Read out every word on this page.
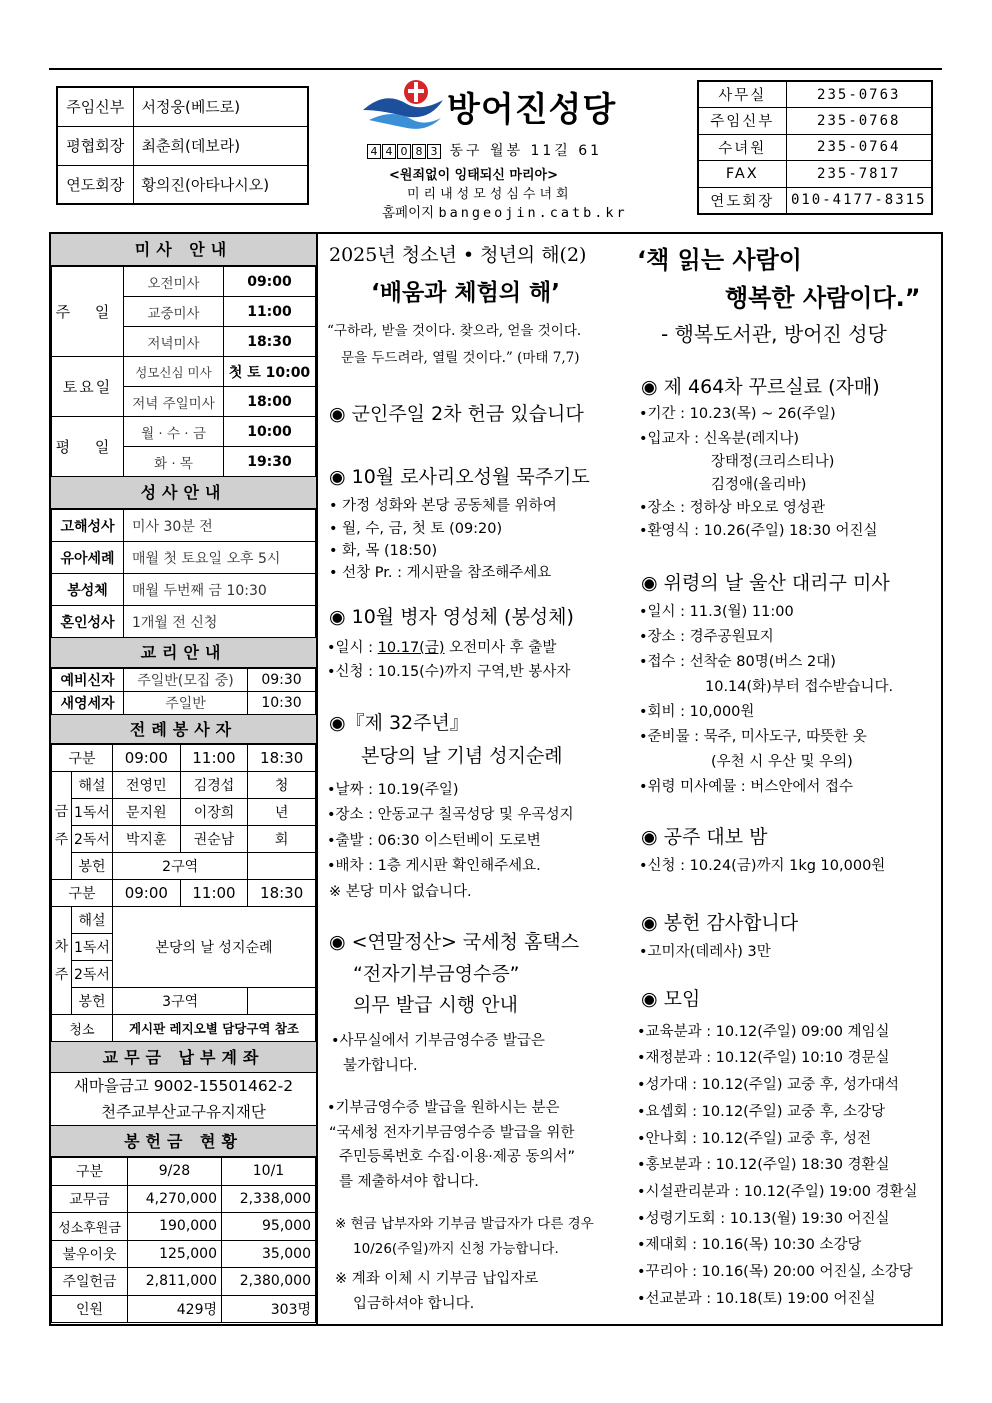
주임신부	서정웅(베드로)
평협회장	최춘희(데보라)
연도회장	황의진(아타나시오)
방어진성당
4 4 0 8 3 동구 월봉 11길 61
<원죄없이 잉태되신 마리아>
미리내성모성심수녀회
홈페이지 bangeojin.catb.kr
사무실	235-0763
주임신부	235-0768
수녀원	235-0764
FAX	235-7817
연도회장	010-4177-8315
미사 안내
주 일	오전미사	09:00
	교중미사	11:00
	저녁미사	18:30
토요일	성모신심 미사	첫 토 10:00
	저녁 주일미사	18:00
평 일	월 · 수 · 금	10:00
	화 · 목	19:30
성사안내
고해성사	미사 30분 전
유아세례	매월 첫 토요일 오후 5시
봉성체	매월 두번째 금 10:30
혼인성사	1개월 전 신청
교리안내
예비신자	주일반(모집 중)	09:30
새영세자	주일반	10:30
전례봉사자
구분		09:00	11:00	18:30
금
주	해설	전영민	김경섭	청
	1독서	문지원	이장희	년
	2독서	박지훈	권순남	회
	봉헌	2구역		
구분		09:00	11:00	18:30
차
주	해설	본당의 날 성지순례		
	1독서			
	2독서			
	봉헌	3구역		
청소		게시판 레지오별 담당구역 참조		
교무금 납부계좌
새마을금고 9002-15501462-2
천주교부산교구유지재단
봉헌금 현황
구분	9/28	10/1
교무금	4,270,000	2,338,000
성소후원금	190,000	95,000
불우이웃	125,000	35,000
주일헌금	2,811,000	2,380,000
인원	429명	303명
2025년 청소년 • 청년의 해(2)
‘배움과 체험의 해’
“구하라, 받을 것이다. 찾으라, 얻을 것이다.
문을 두드려라, 열릴 것이다.” (마태 7,7)
◉ 군인주일 2차 헌금 있습니다
◉ 10월 로사리오성월 묵주기도
• 가정 성화와 본당 공동체를 위하여
• 월, 수, 금, 첫 토 (09:20)
• 화, 목 (18:50)
• 선창 Pr. : 게시판을 참조해주세요
◉ 10월 병자 영성체 (봉성체)
•일시 : 10.17(금) 오전미사 후 출발
•신청 : 10.15(수)까지 구역,반 봉사자
◉『제 32주년』
본당의 날 기념 성지순례
•날짜 : 10.19(주일)
•장소 : 안동교구 칠곡성당 및 우곡성지
•출발 : 06:30 이스턴베이 도로변
•배차 : 1층 게시판 확인해주세요.
※ 본당 미사 없습니다.
◉ <연말정산> 국세청 홈택스
“전자기부금영수증”
의무 발급 시행 안내
•사무실에서 기부금영수증 발급은
불가합니다.
•기부금영수증 발급을 원하시는 분은
“국세청 전자기부금영수증 발급을 위한
주민등록번호 수집·이용·제공 동의서”
를 제출하셔야 합니다.
※ 현금 납부자와 기부금 발급자가 다른 경우
10/26(주일)까지 신청 가능합니다.
※ 계좌 이체 시 기부금 납입자로
입금하셔야 합니다.
‘책 읽는 사람이
행복한 사람이다.”
- 행복도서관, 방어진 성당
◉ 제 464차 꾸르실료 (자매)
•기간 : 10.23(목) ~ 26(주일)
•입교자 : 신옥분(레지나)
장태정(크리스티나)
김정애(올리바)
•장소 : 정하상 바오로 영성관
•환영식 : 10.26(주일) 18:30 어진실
◉ 위령의 날 울산 대리구 미사
•일시 : 11.3(월) 11:00
•장소 : 경주공원묘지
•접수 : 선착순 80명(버스 2대)
10.14(화)부터 접수받습니다.
•회비 : 10,000원
•준비물 : 묵주, 미사도구, 따뜻한 옷
(우천 시 우산 및 우의)
•위령 미사예물 : 버스안에서 접수
◉ 공주 대보 밤
•신청 : 10.24(금)까지 1kg 10,000원
◉ 봉헌 감사합니다
•고미자(데레사) 3만
◉ 모임
•교육분과 : 10.12(주일) 09:00 계임실
•재정분과 : 10.12(주일) 10:10 경문실
•성가대 : 10.12(주일) 교중 후, 성가대석
•요셉회 : 10.12(주일) 교중 후, 소강당
•안나회 : 10.12(주일) 교중 후, 성전
•홍보분과 : 10.12(주일) 18:30 경환실
•시설관리분과 : 10.12(주일) 19:00 경환실
•성령기도회 : 10.13(월) 19:30 어진실
•제대회 : 10.16(목) 10:30 소강당
•꾸리아 : 10.16(목) 20:00 어진실, 소강당
•선교분과 : 10.18(토) 19:00 어진실
